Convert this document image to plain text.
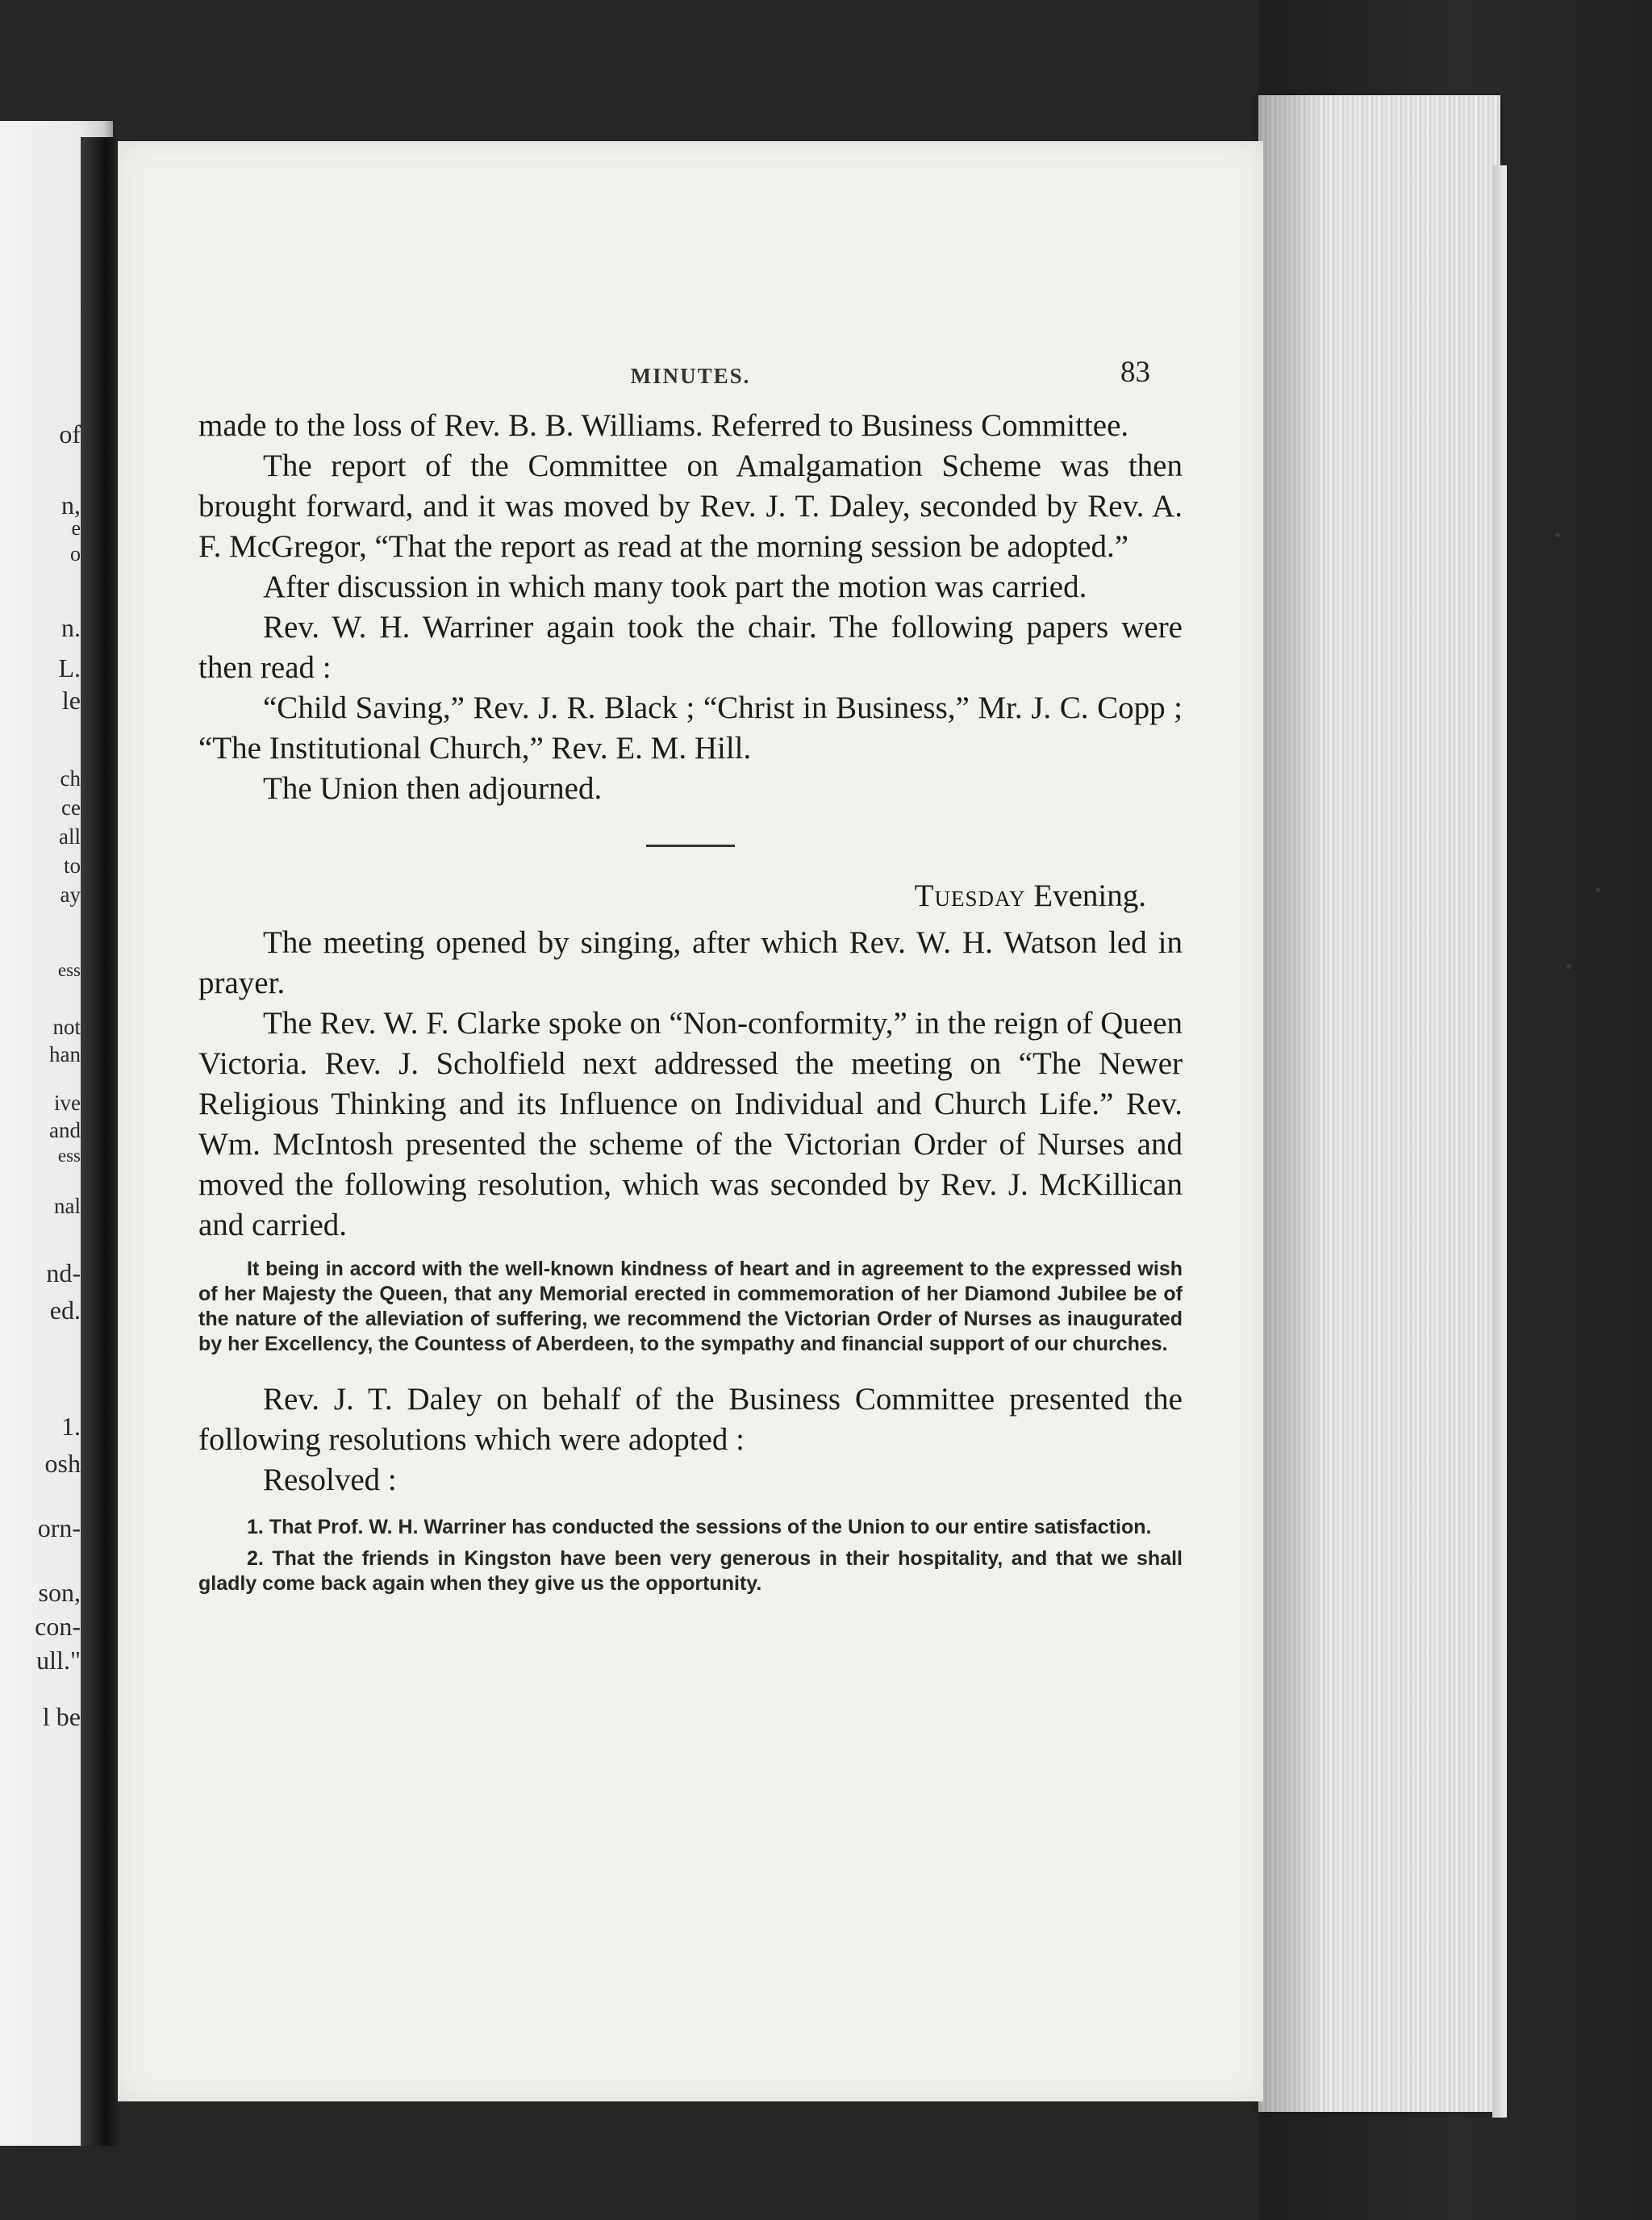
of
n,
e
o
n.
L.
le
ch
ce
all
to
ay
ess
not
han
ive
and
ess
nal
nd-
ed.
1.
osh
orn-
son,
con-
ull."
l be
MINUTES.	83

made to the loss of Rev. B. B. Williams. Referred to Business Committee.

The report of the Committee on Amalgamation Scheme was then brought forward, and it was moved by Rev. J. T. Daley, seconded by Rev. A. F. McGregor, “That the report as read at the morning session be adopted.”

After discussion in which many took part the motion was carried.

Rev. W. H. Warriner again took the chair. The following papers were then read :

“Child Saving,” Rev. J. R. Black ; “Christ in Business,” Mr. J. C. Copp ; “The Institutional Church,” Rev. E. M. Hill.

The Union then adjourned.

Tuesday Evening.

The meeting opened by singing, after which Rev. W. H. Watson led in prayer.

The Rev. W. F. Clarke spoke on “Non-conformity,” in the reign of Queen Victoria. Rev. J. Scholfield next addressed the meeting on “The Newer Religious Thinking and its Influence on Individual and Church Life.” Rev. Wm. McIntosh presented the scheme of the Victorian Order of Nurses and moved the following resolution, which was seconded by Rev. J. McKillican and carried.

It being in accord with the well-known kindness of heart and in agreement to the expressed wish of her Majesty the Queen, that any Memorial erected in commemoration of her Diamond Jubilee be of the nature of the alleviation of suffering, we recommend the Victorian Order of Nurses as inaugurated by her Excellency, the Countess of Aberdeen, to the sympathy and financial support of our churches.

Rev. J. T. Daley on behalf of the Business Committee presented the following resolutions which were adopted :

Resolved :

1. That Prof. W. H. Warriner has conducted the sessions of the Union to our entire satisfaction.

2. That the friends in Kingston have been very generous in their hospitality, and that we shall gladly come back again when they give us the opportunity.
